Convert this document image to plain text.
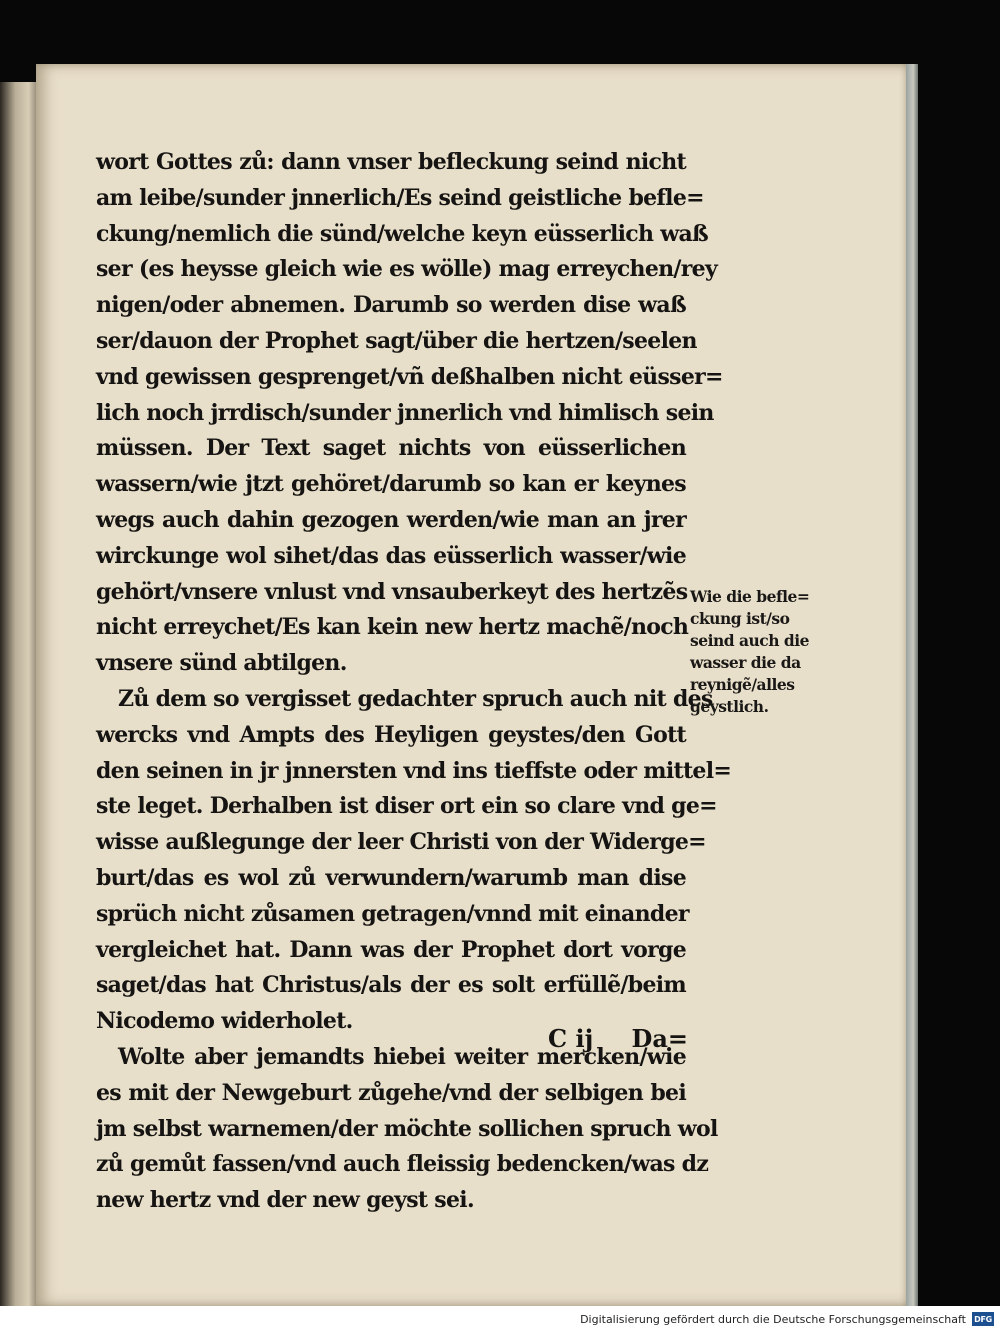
wort Gottes zů: dann vnser befleckung seind nicht
am leibe/sunder jnnerlich/Es seind geistliche befle=
ckung/nemlich die sünd/welche keyn eüsserlich waß
ser (es heysse gleich wie es wölle) mag erreychen/rey
nigen/oder abnemen. Darumb so werden dise waß
ser/dauon der Prophet sagt/über die hertzen/seelen
vnd gewissen gesprenget/vñ deßhalben nicht eüsser=
lich noch jrrdisch/sunder jnnerlich vnd himlisch sein
müssen. Der Text saget nichts von eüsserlichen
wassern/wie jtzt gehöret/darumb so kan er keynes
wegs auch dahin gezogen werden/wie man an jrer
wirckunge wol sihet/das das eüsserlich wasser/wie
gehört/vnsere vnlust vnd vnsauberkeyt des hertzẽs
nicht erreychet/Es kan kein new hertz machẽ/noch
vnsere sünd abtilgen.
Zů dem so vergisset gedachter spruch auch nit des
wercks vnd Ampts des Heyligen geystes/den Gott
den seinen in jr jnnersten vnd ins tieffste oder mittel=
ste leget. Derhalben ist diser ort ein so clare vnd ge=
wisse außlegunge der leer Christi von der Widerge=
burt/das es wol zů verwundern/warumb man dise
sprüch nicht zůsamen getragen/vnnd mit einander
vergleichet hat. Dann was der Prophet dort vorge
saget/das hat Christus/als der es solt erfüllẽ/beim
Nicodemo widerholet.
Wolte aber jemandts hiebei weiter mercken/wie
es mit der Newgeburt zůgehe/vnd der selbigen bei
jm selbst warnemen/der möchte sollichen spruch wol
zů gemůt fassen/vnd auch fleissig bedencken/was dz
new hertz vnd der new geyst sei.
Wie die befle=
ckung ist/so
seind auch die
wasser die da
reynigẽ/alles
geystlich.
C ij Da=
Digitalisierung gefördert durch die Deutsche Forschungsgemeinschaft DFG
